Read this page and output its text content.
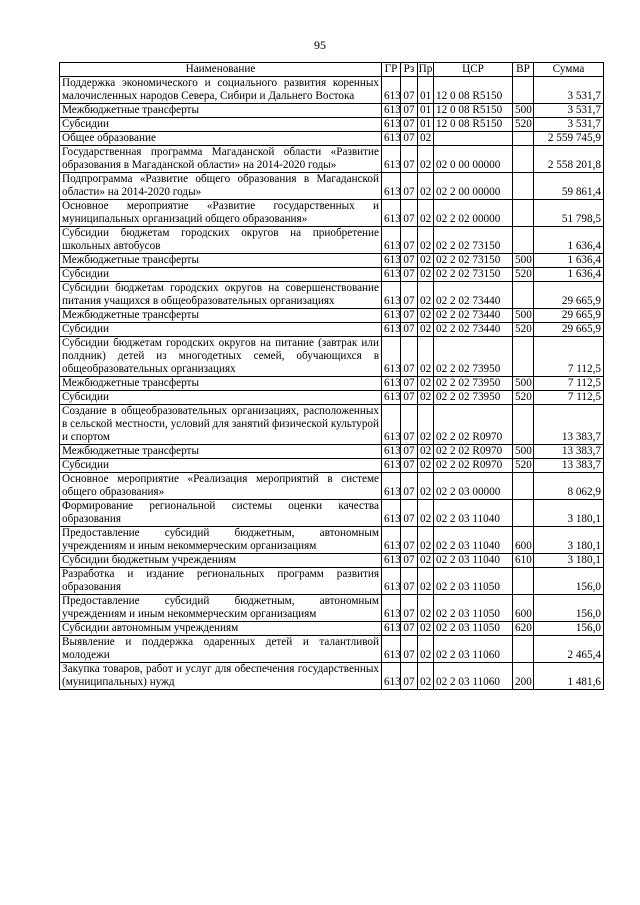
95
Наименование	ГР	Рз	Пр	ЦСР	ВР	Сумма
Поддержка экономического и социального развития коренных малочисленных народов Севера, Сибири и Дальнего Востока	613	07	01	12 0 08 R5150		3 531,7
Межбюджетные трансферты	613	07	01	12 0 08 R5150	500	3 531,7
Субсидии	613	07	01	12 0 08 R5150	520	3 531,7
Общее образование	613	07	02			2 559 745,9
Государственная программа Магаданской области «Развитие образования в Магаданской области» на 2014-2020 годы»	613	07	02	02 0 00 00000		2 558 201,8
Подпрограмма «Развитие общего образования в Магаданской области» на 2014-2020 годы»	613	07	02	02 2 00 00000		59 861,4
Основное мероприятие «Развитие государственных и муниципальных организаций общего образования»	613	07	02	02 2 02 00000		51 798,5
Субсидии бюджетам городских округов на приобретение школьных автобусов	613	07	02	02 2 02 73150		1 636,4
Межбюджетные трансферты	613	07	02	02 2 02 73150	500	1 636,4
Субсидии	613	07	02	02 2 02 73150	520	1 636,4
Субсидии бюджетам городских округов на совершенствование питания учащихся в общеобразовательных организациях	613	07	02	02 2 02 73440		29 665,9
Межбюджетные трансферты	613	07	02	02 2 02 73440	500	29 665,9
Субсидии	613	07	02	02 2 02 73440	520	29 665,9
Субсидии бюджетам городских округов на питание (завтрак или полдник) детей из многодетных семей, обучающихся в общеобразовательных организациях	613	07	02	02 2 02 73950		7 112,5
Межбюджетные трансферты	613	07	02	02 2 02 73950	500	7 112,5
Субсидии	613	07	02	02 2 02 73950	520	7 112,5
Создание в общеобразовательных организациях, расположенных в сельской местности, условий для занятий физической культурой и спортом	613	07	02	02 2 02 R0970		13 383,7
Межбюджетные трансферты	613	07	02	02 2 02 R0970	500	13 383,7
Субсидии	613	07	02	02 2 02 R0970	520	13 383,7
Основное мероприятие «Реализация мероприятий в системе общего образования»	613	07	02	02 2 03 00000		8 062,9
Формирование региональной системы оценки качества образования	613	07	02	02 2 03 11040		3 180,1
Предоставление субсидий бюджетным, автономным учреждениям и иным некоммерческим организациям	613	07	02	02 2 03 11040	600	3 180,1
Субсидии бюджетным учреждениям	613	07	02	02 2 03 11040	610	3 180,1
Разработка и издание региональных программ развития образования	613	07	02	02 2 03 11050		156,0
Предоставление субсидий бюджетным, автономным учреждениям и иным некоммерческим организациям	613	07	02	02 2 03 11050	600	156,0
Субсидии автономным учреждениям	613	07	02	02 2 03 11050	620	156,0
Выявление и поддержка одаренных детей и талантливой молодежи	613	07	02	02 2 03 11060		2 465,4
Закупка товаров, работ и услуг для обеспечения государственных (муниципальных) нужд	613	07	02	02 2 03 11060	200	1 481,6
